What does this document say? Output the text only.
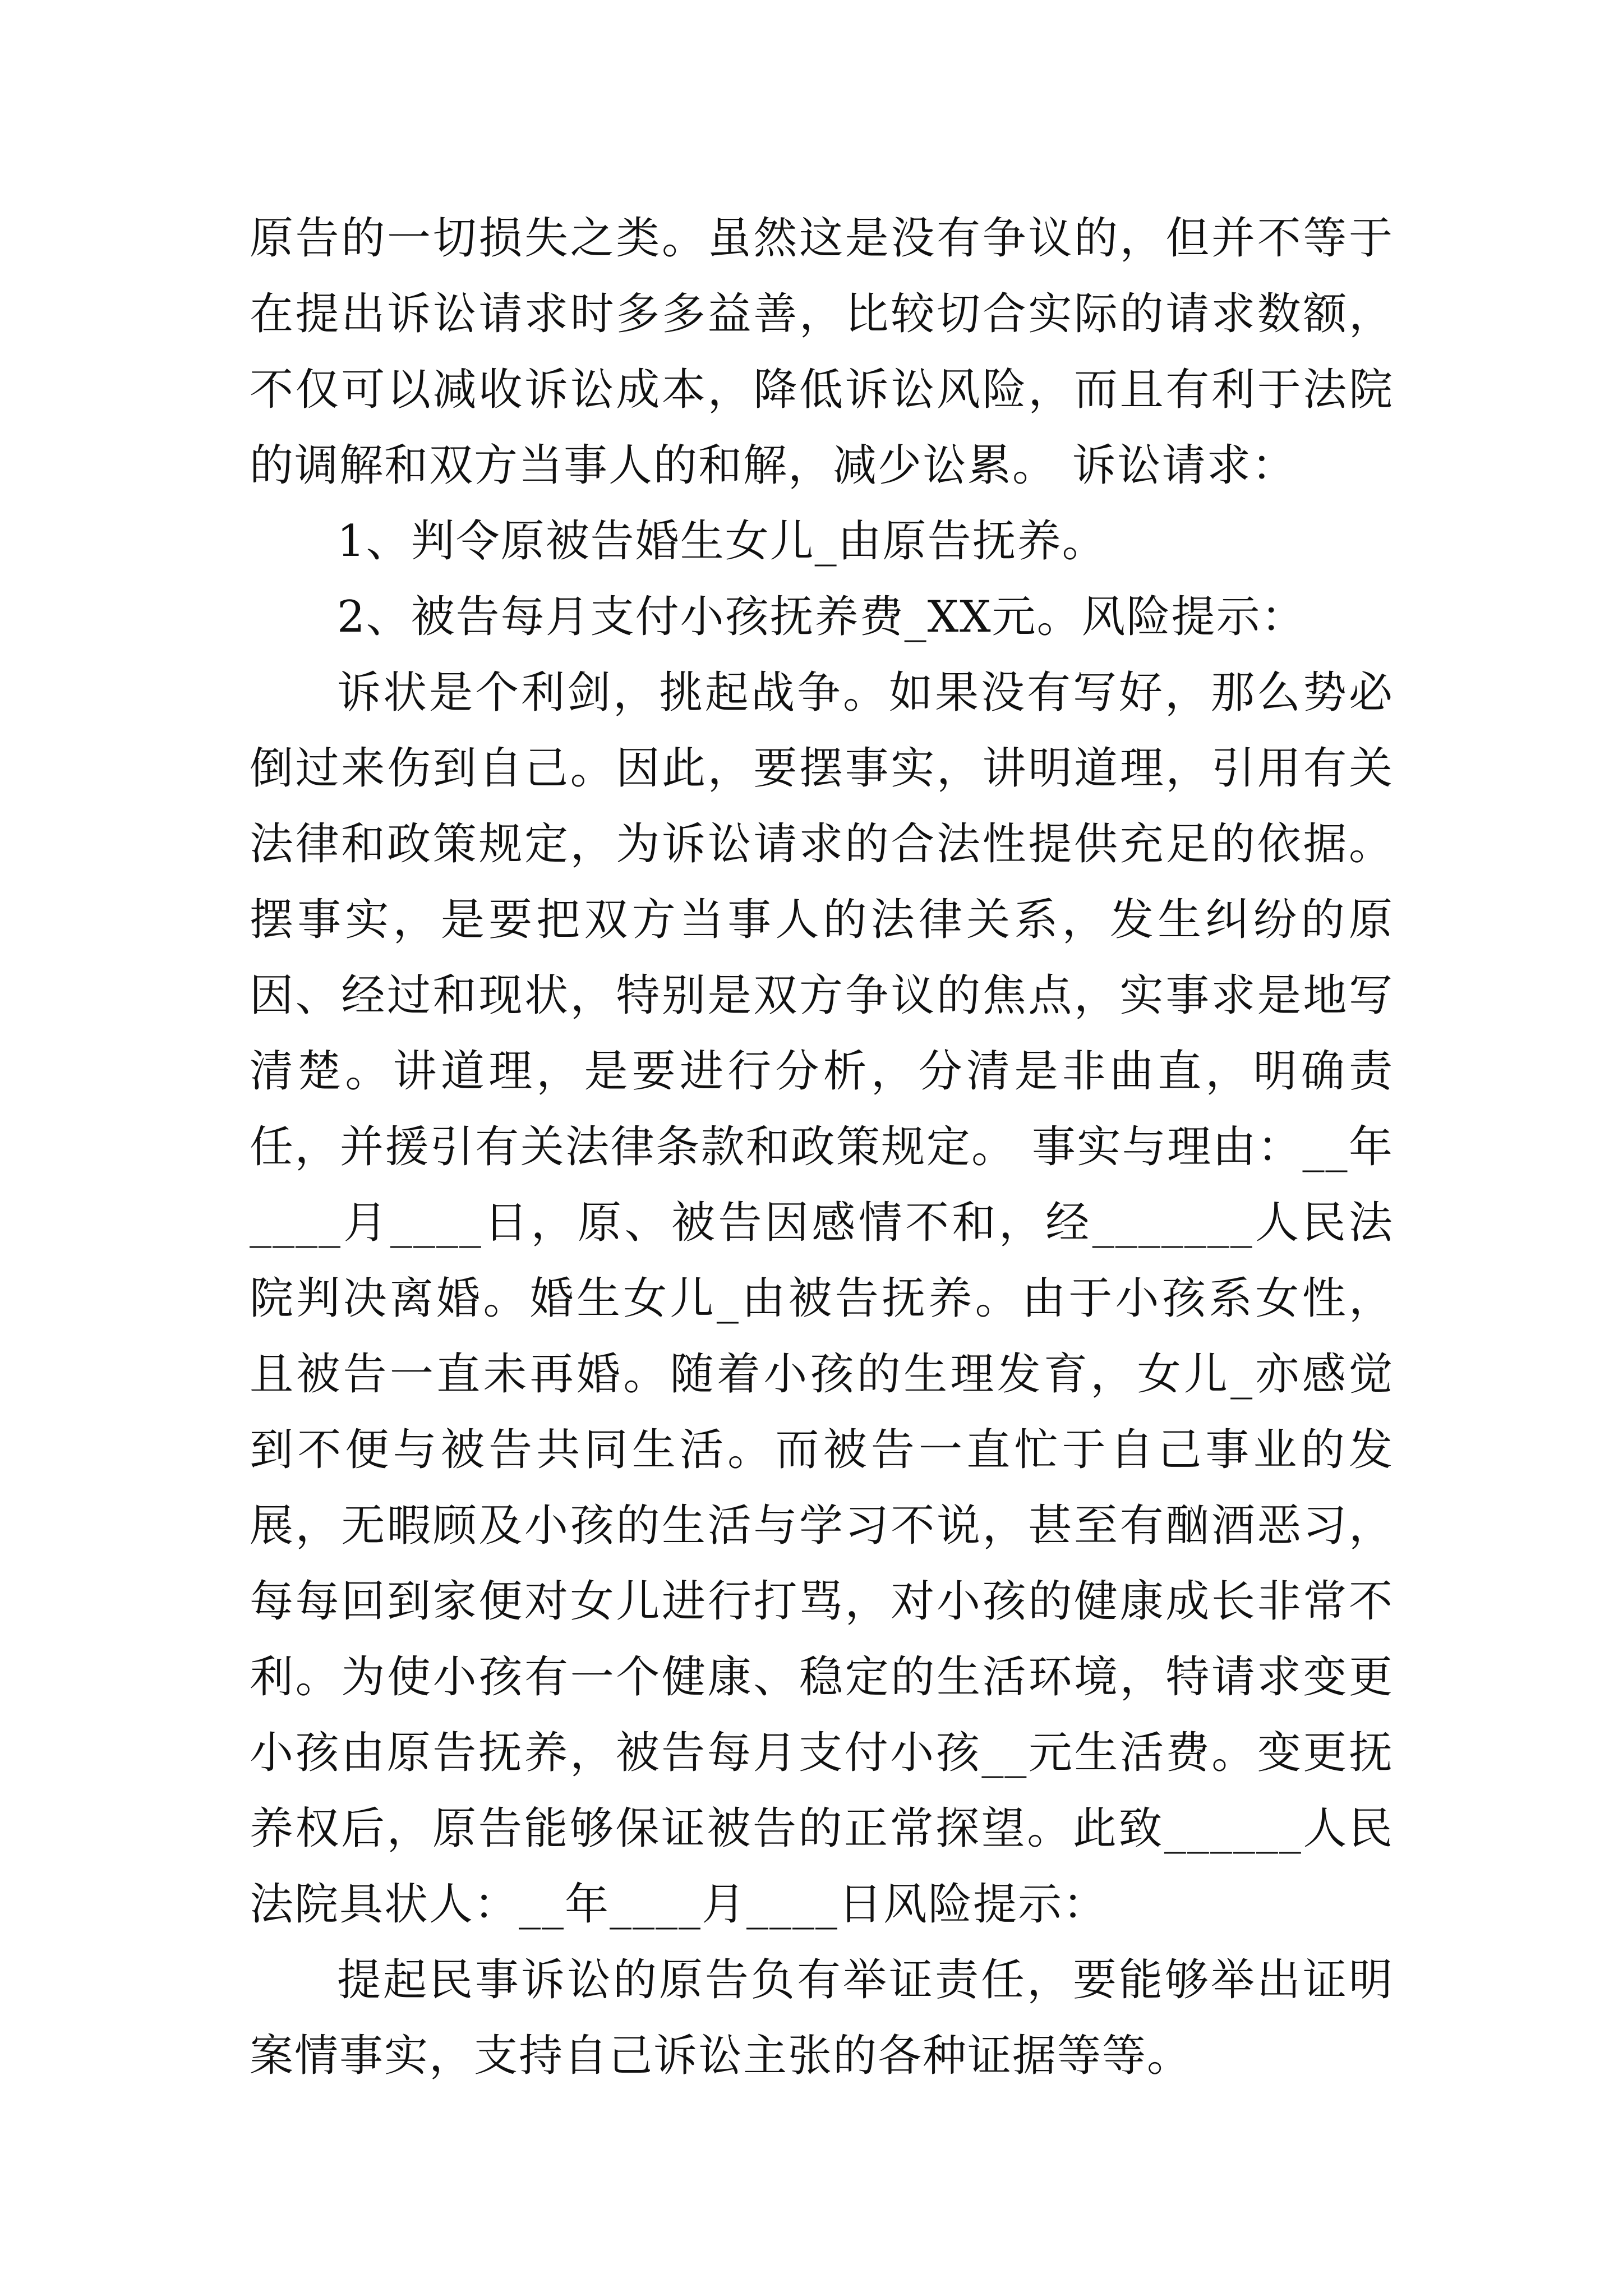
原告的一切损失之类。虽然这是没有争议的，但并不等于在提出诉讼请求时多多益善，比较切合实际的请求数额，不仅可以减收诉讼成本，降低诉讼风险，而且有利于法院的调解和双方当事人的和解，减少讼累。 诉讼请求：

1、判令原被告婚生女儿_由原告抚养。

2、被告每月支付小孩抚养费_XX元。风险提示：

诉状是个利剑，挑起战争。如果没有写好，那么势必倒过来伤到自己。因此，要摆事实，讲明道理，引用有关法律和政策规定，为诉讼请求的合法性提供充足的依据。摆事实，是要把双方当事人的法律关系，发生纠纷的原因、经过和现状，特别是双方争议的焦点，实事求是地写清楚。讲道理，是要进行分析，分清是非曲直，明确责任，并援引有关法律条款和政策规定。 事实与理由：__年____月____日，原、被告因感情不和，经_______人民法院判决离婚。婚生女儿_由被告抚养。由于小孩系女性，且被告一直未再婚。随着小孩的生理发育，女儿_亦感觉到不便与被告共同生活。而被告一直忙于自己事业的发展，无暇顾及小孩的生活与学习不说，甚至有酗酒恶习，每每回到家便对女儿进行打骂，对小孩的健康成长非常不利。为使小孩有一个健康、稳定的生活环境，特请求变更小孩由原告抚养，被告每月支付小孩__元生活费。变更抚养权后，原告能够保证被告的正常探望。此致______人民法院具状人：__年____月____日风险提示：

提起民事诉讼的原告负有举证责任，要能够举出证明案情事实，支持自己诉讼主张的各种证据等等。
